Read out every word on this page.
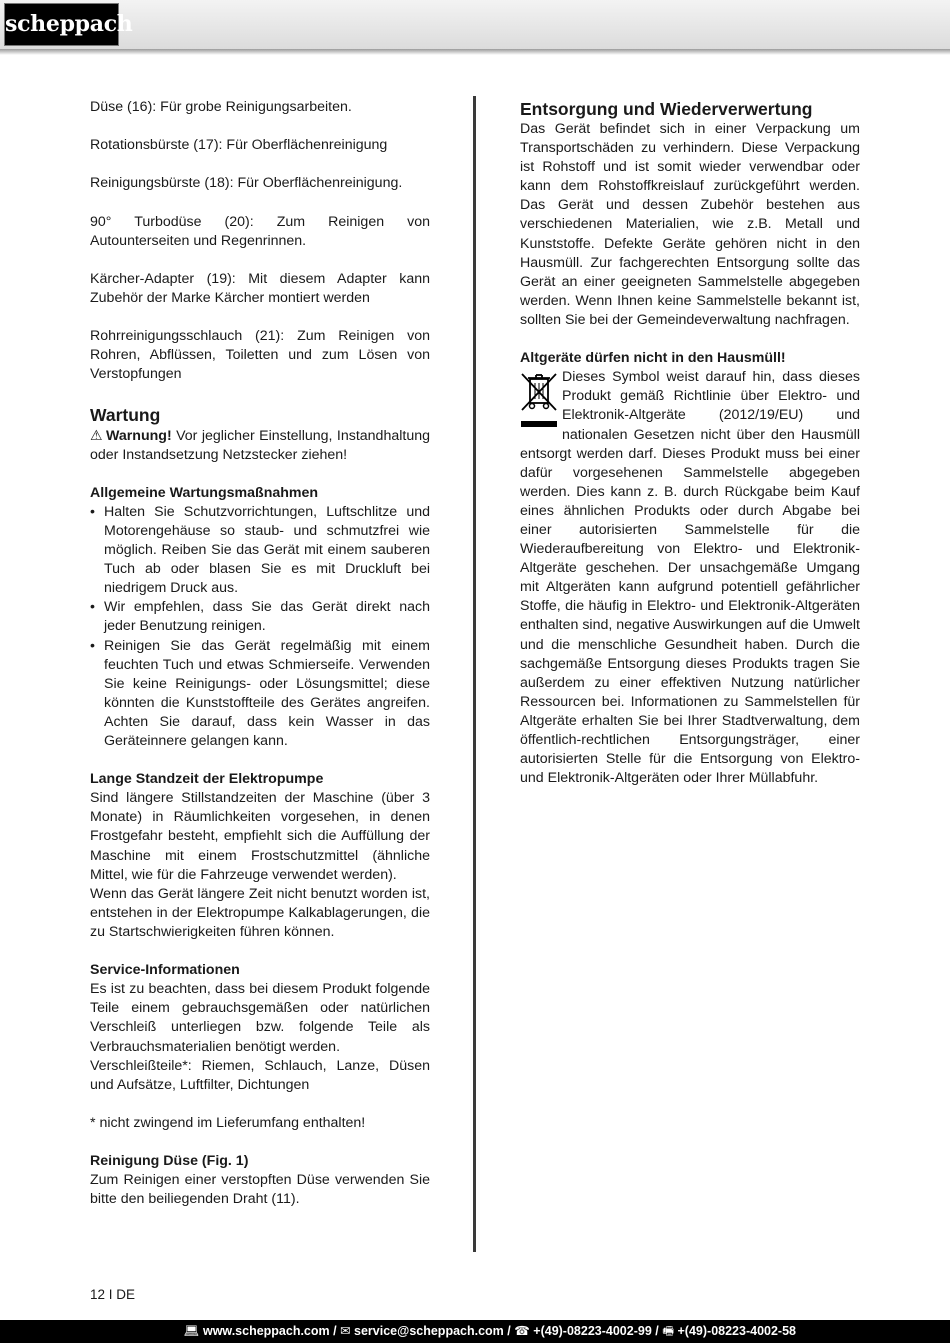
scheppach

Düse (16): Für grobe Reinigungsarbeiten.

Rotationsbürste (17): Für Oberflächenreinigung

Reinigungsbürste (18): Für Oberflächenreinigung.

90° Turbodüse (20): Zum Reinigen von Autounterseiten und Regenrinnen.

Kärcher-Adapter (19): Mit diesem Adapter kann Zubehör der Marke Kärcher montiert werden

Rohrreinigungsschlauch (21): Zum Reinigen von Rohren, Abflüssen, Toiletten und zum Lösen von Verstopfungen

Wartung

⚠ Warnung! Vor jeglicher Einstellung, Instandhaltung oder Instandsetzung Netzstecker ziehen!

Allgemeine Wartungsmaßnahmen
• Halten Sie Schutzvorrichtungen, Luftschlitze und Motorengehäuse so staub- und schmutzfrei wie möglich. Reiben Sie das Gerät mit einem sauberen Tuch ab oder blasen Sie es mit Druckluft bei niedrigem Druck aus.
• Wir empfehlen, dass Sie das Gerät direkt nach jeder Benutzung reinigen.
• Reinigen Sie das Gerät regelmäßig mit einem feuchten Tuch und etwas Schmierseife. Verwenden Sie keine Reinigungs- oder Lösungsmittel; diese könnten die Kunststoffteile des Gerätes angreifen. Achten Sie darauf, dass kein Wasser in das Geräteinnere gelangen kann.
Lange Standzeit der Elektropumpe

Sind längere Stillstandzeiten der Maschine (über 3 Monate) in Räumlichkeiten vorgesehen, in denen Frostgefahr besteht, empfiehlt sich die Auffüllung der Maschine mit einem Frostschutzmittel (ähnliche Mittel, wie für die Fahrzeuge verwendet werden).

Wenn das Gerät längere Zeit nicht benutzt worden ist, entstehen in der Elektropumpe Kalkablagerungen, die zu Startschwierigkeiten führen können.

Service-Informationen

Es ist zu beachten, dass bei diesem Produkt folgende Teile einem gebrauchsgemäßen oder natürlichen Verschleiß unterliegen bzw. folgende Teile als Verbrauchsmaterialien benötigt werden.

Verschleißteile*: Riemen, Schlauch, Lanze, Düsen und Aufsätze, Luftfilter, Dichtungen

* nicht zwingend im Lieferumfang enthalten!

Reinigung Düse (Fig. 1)

Zum Reinigen einer verstopften Düse verwenden Sie bitte den beiliegenden Draht (11).

Entsorgung und Wiederverwertung

Das Gerät befindet sich in einer Verpackung um Transportschäden zu verhindern. Diese Verpackung ist Rohstoff und ist somit wieder verwendbar oder kann dem Rohstoffkreislauf zurückgeführt werden. Das Gerät und dessen Zubehör bestehen aus verschiedenen Materialien, wie z.B. Metall und Kunststoffe. Defekte Geräte gehören nicht in den Hausmüll. Zur fachgerechten Entsorgung sollte das Gerät an einer geeigneten Sammelstelle abgegeben werden. Wenn Ihnen keine Sammelstelle bekannt ist, sollten Sie bei der Gemeindeverwaltung nachfragen.

Altgeräte dürfen nicht in den Hausmüll!

Dieses Symbol weist darauf hin, dass dieses Produkt gemäß Richtlinie über Elektro- und Elektronik-Altgeräte (2012/19/EU) und nationalen Gesetzen nicht über den Hausmüll entsorgt werden darf. Dieses Produkt muss bei einer dafür vorgesehenen Sammelstelle abgegeben werden. Dies kann z. B. durch Rückgabe beim Kauf eines ähnlichen Produkts oder durch Abgabe bei einer autorisierten Sammelstelle für die Wiederaufbereitung von Elektro- und Elektronik- Altgeräte geschehen. Der unsachgemäße Umgang mit Altgeräten kann aufgrund potentiell gefährlicher Stoffe, die häufig in Elektro- und Elektronik-Altgeräten enthalten sind, negative Auswirkungen auf die Umwelt und die menschliche Gesundheit haben. Durch die sachgemäße Entsorgung dieses Produkts tragen Sie außerdem zu einer effektiven Nutzung natürlicher Ressourcen bei. Informationen zu Sammelstellen für Altgeräte erhalten Sie bei Ihrer Stadtverwaltung, dem öffentlich-rechtlichen Entsorgungsträger, einer autorisierten Stelle für die Entsorgung von Elektro- und Elektronik-Altgeräten oder Ihrer Müllabfuhr.

12 I DE
💻︎ www.scheppach.com / ✉ service@scheppach.com / ☎ +(49)-08223-4002-99 / 🖷︎ +(49)-08223-4002-58
